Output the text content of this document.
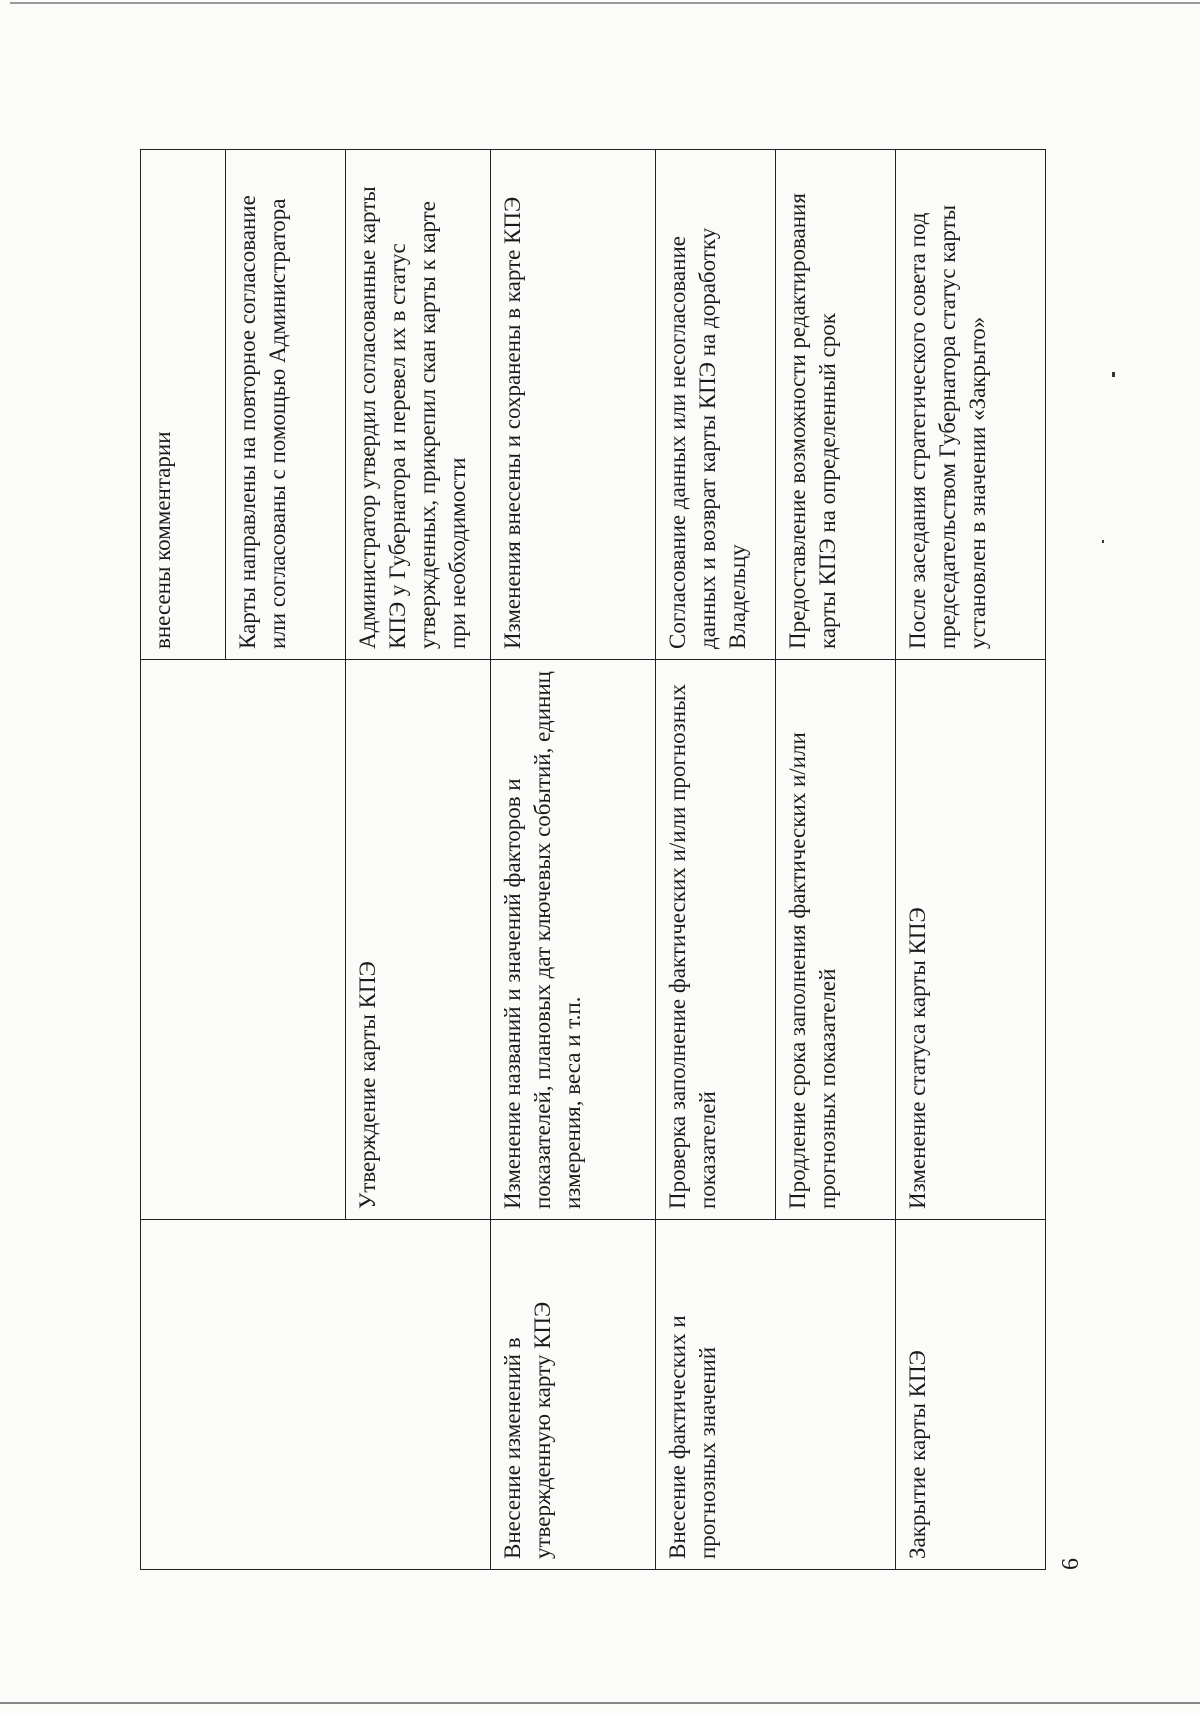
		внесены комментарии
		Карты направлены на повторное согласование или согласованы с помощью Администратора
	Утверждение карты КПЭ	Администратор утвердил согласованные карты КПЭ у Губернатора и перевел их в статус утвержденных, прикрепил скан карты к карте при необходимости
Внесение изменений в утвержденную карту КПЭ	Изменение названий и значений факторов и показателей, плановых дат ключевых событий, единиц измерения, веса и т.п.	Изменения внесены и сохранены в карте КПЭ
Внесение фактических и прогнозных значений	Проверка заполнение фактических и/или прогнозных показателей	Согласование данных или несогласование данных и возврат карты КПЭ на доработку Владельцу
	Продление срока заполнения фактических и/или прогнозных показателей	Предоставление возможности редактирования карты КПЭ на определенный срок
Закрытие карты КПЭ	Изменение статуса карты КПЭ	После заседания стратегического совета под председательством Губернатора статус карты установлен в значении «Закрыто»
6
